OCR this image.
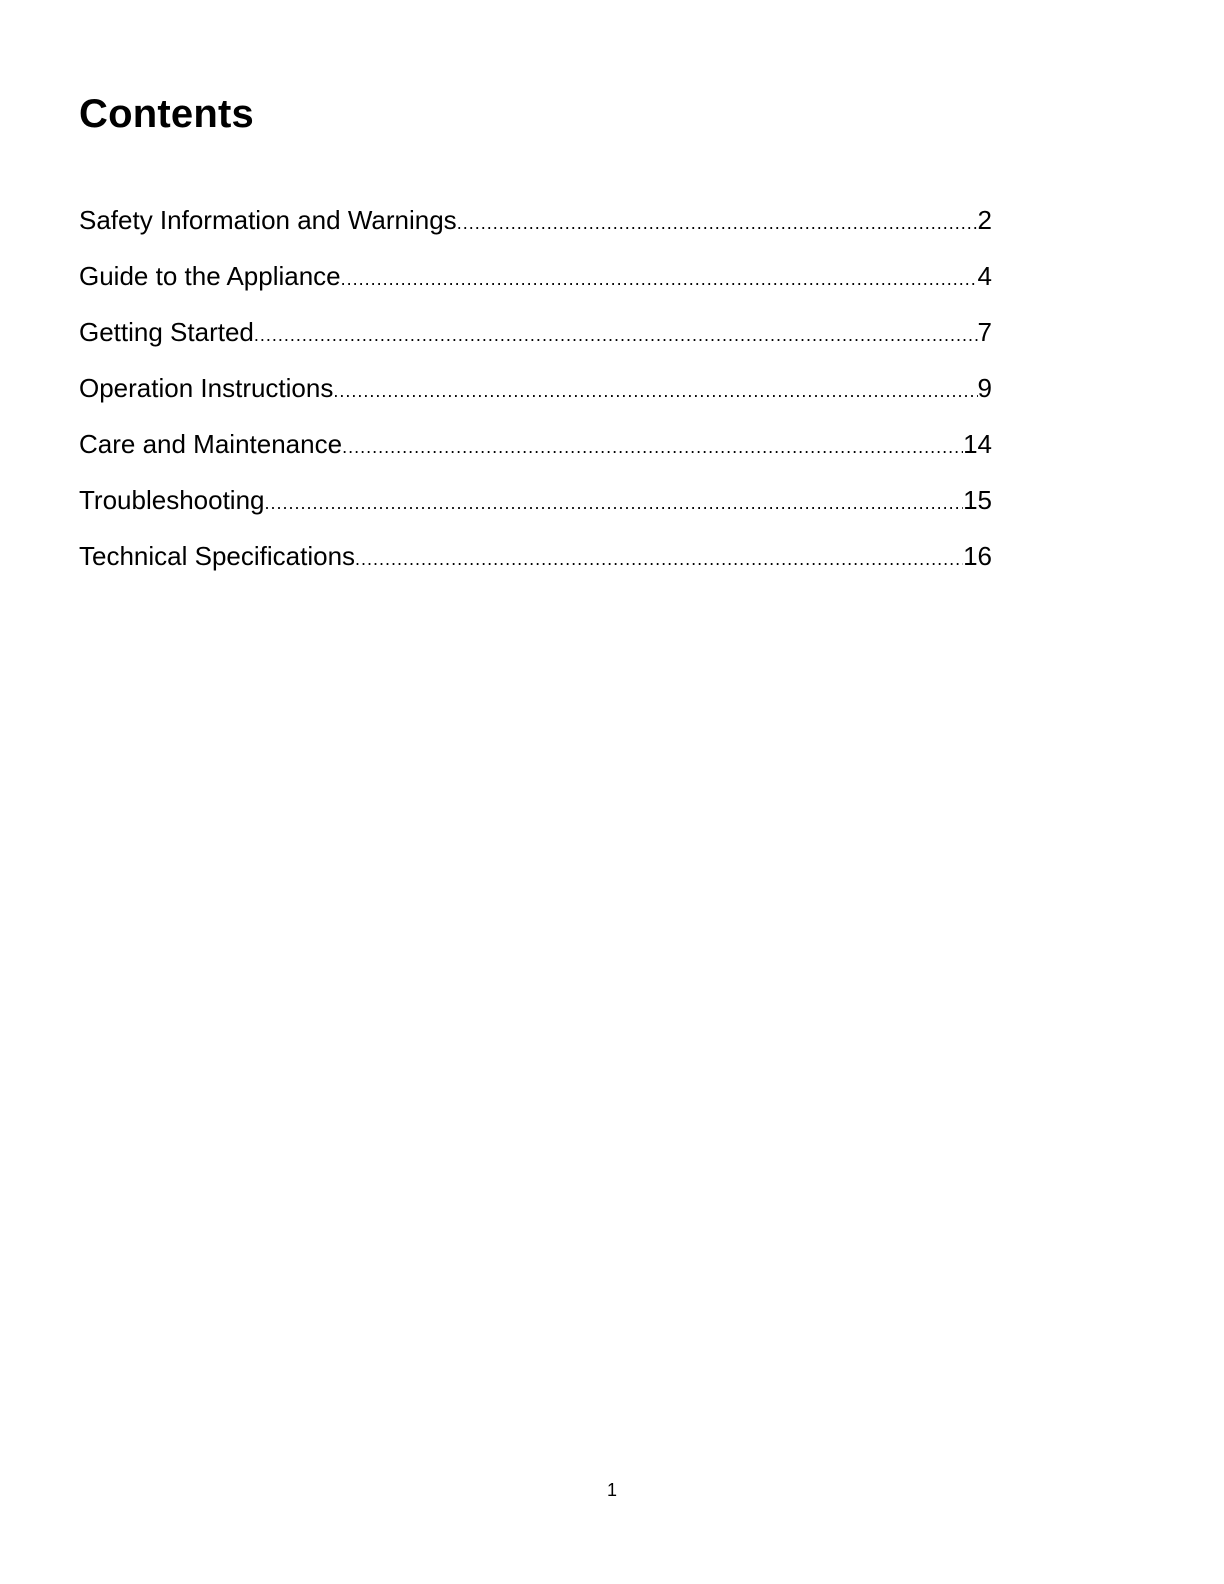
Contents
Safety Information and Warnings .....	2
Guide to the Appliance .....	4
Getting Started .....	7
Operation Instructions .....	9
Care and Maintenance .....	14
Troubleshooting .....	15
Technical Specifications .....	16
1
